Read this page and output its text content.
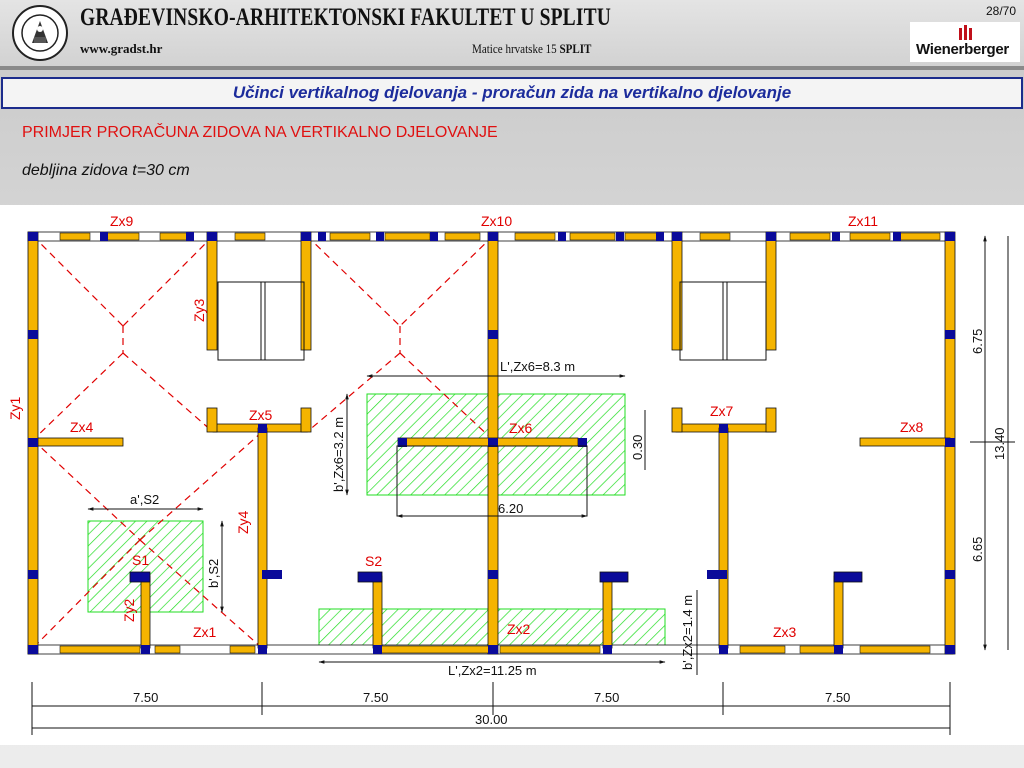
GRAĐEVINSKO-ARHITEKTONSKI FAKULTET U SPLITU
www.gradst.hr	Matice hrvatske 15 SPLIT
28/70
Wienerberger
Učinci vertikalnog djelovanja - proračun zida na vertikalno djelovanje
PRIMJER PRORAČUNA ZIDOVA NA VERTIKALNO DJELOVANJE
debljina zidova t=30 cm
Zx9	Zx10	Zx11
Zy3
Zy1
Zx4
Zx5
Zx6
Zx7
Zx8
Zy4
S1	S2
Zy2
Zx1	Zx2	Zx3
L',Zx6=8.3 m
b',Zx6=3.2 m
6.20
0.30
a',S2
b',S2
L',Zx2=11.25 m
b',Zx2=1.4 m
7.50	7.50	7.50	7.50
30.00
6.75
13.40
6.65
